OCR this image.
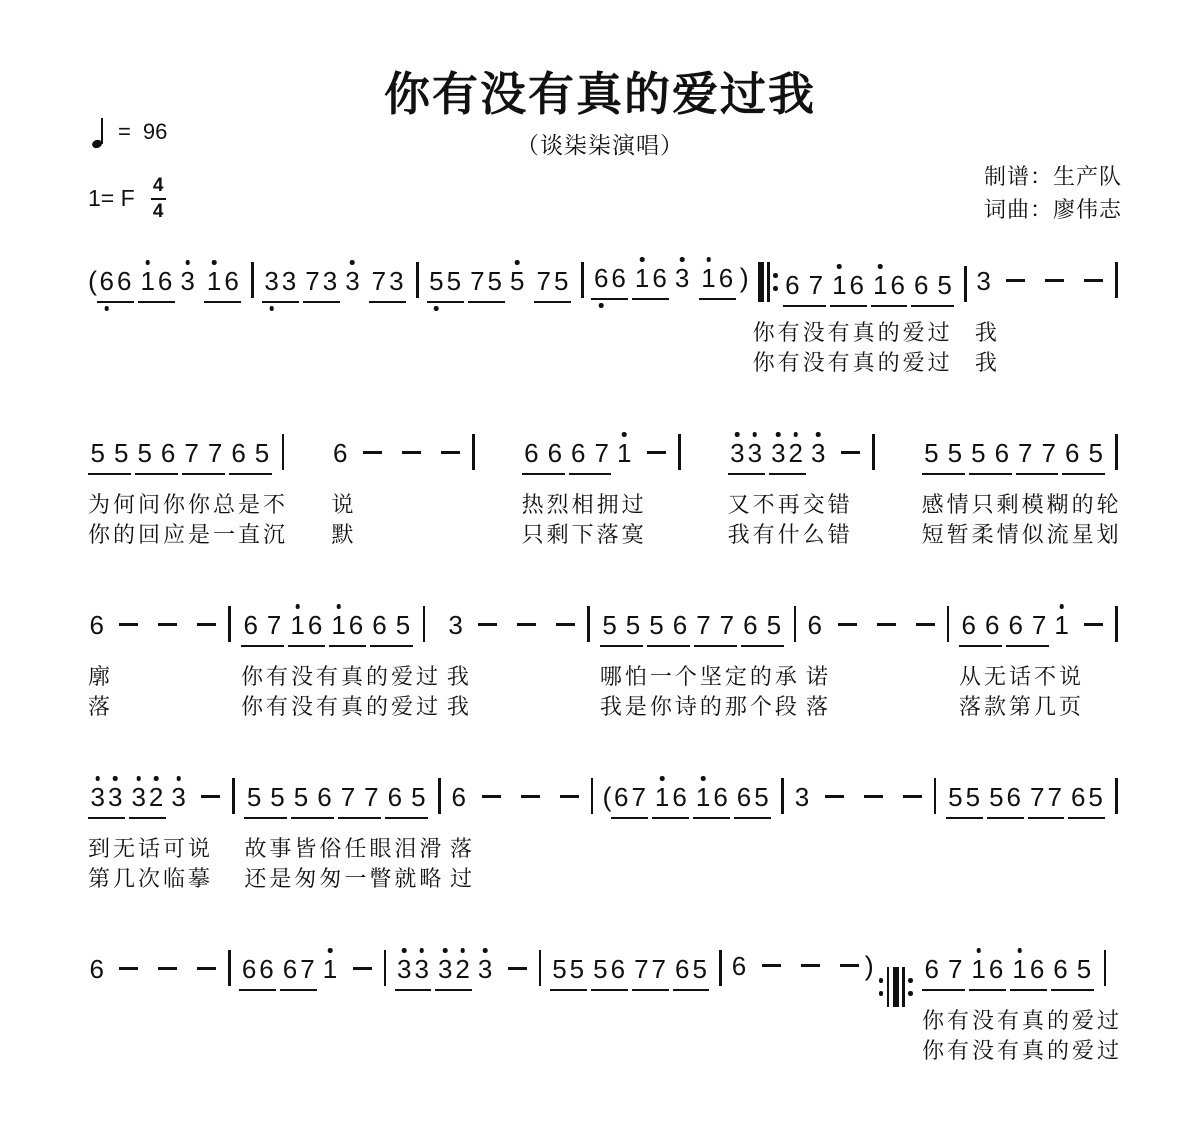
你有没有真的爱过我
（谈柒柒演唱）
= 96
1= F 4
4
制谱：生产队
词曲：廖伟志
(6 6 1 6 3 1 6 3 3 7 3 3 7 3 5 5 7 5 5 7 5 6 6 1 6 3 1 6 )	6 7 1 6 1 6 6 5
你有没有真的爱过
你有没有真的爱过
3
我
我
5 5 5 6 7 7 6 5
为何问你你总是不
你的回应是一直沉
6
说
默
6 6 6 7 1
热烈相拥过
只剩下落寞
3 3 3 2 3
又不再交错
我有什么错
5 5 5 6 7 7 6 5
感情只剩模糊的轮
短暂柔情似流星划
6
廓
落
6 7 1 6 1 6 6 5
你有没有真的爱过
你有没有真的爱过
3
我
我
5 5 5 6 7 7 6 5
哪怕一个坚定的承
我是你诗的那个段
6
诺
落
6 6 6 7 1
从无话不说
落款第几页
3 3 3 2 3
到无话可说
第几次临摹
5 5 5 6 7 7 6 5
故事皆俗任眼泪滑
还是匆匆一瞥就略
6
落
过
(6 7 1 6 1 6 6 5 3	5 5 5 6 7 7 6 5
6	6 6 6 7 1	3 3 3 2 3	5 5 5 6 7 7 6 5 6	)	6 7 1 6 1 6 6 5
你有没有真的爱过
你有没有真的爱过
